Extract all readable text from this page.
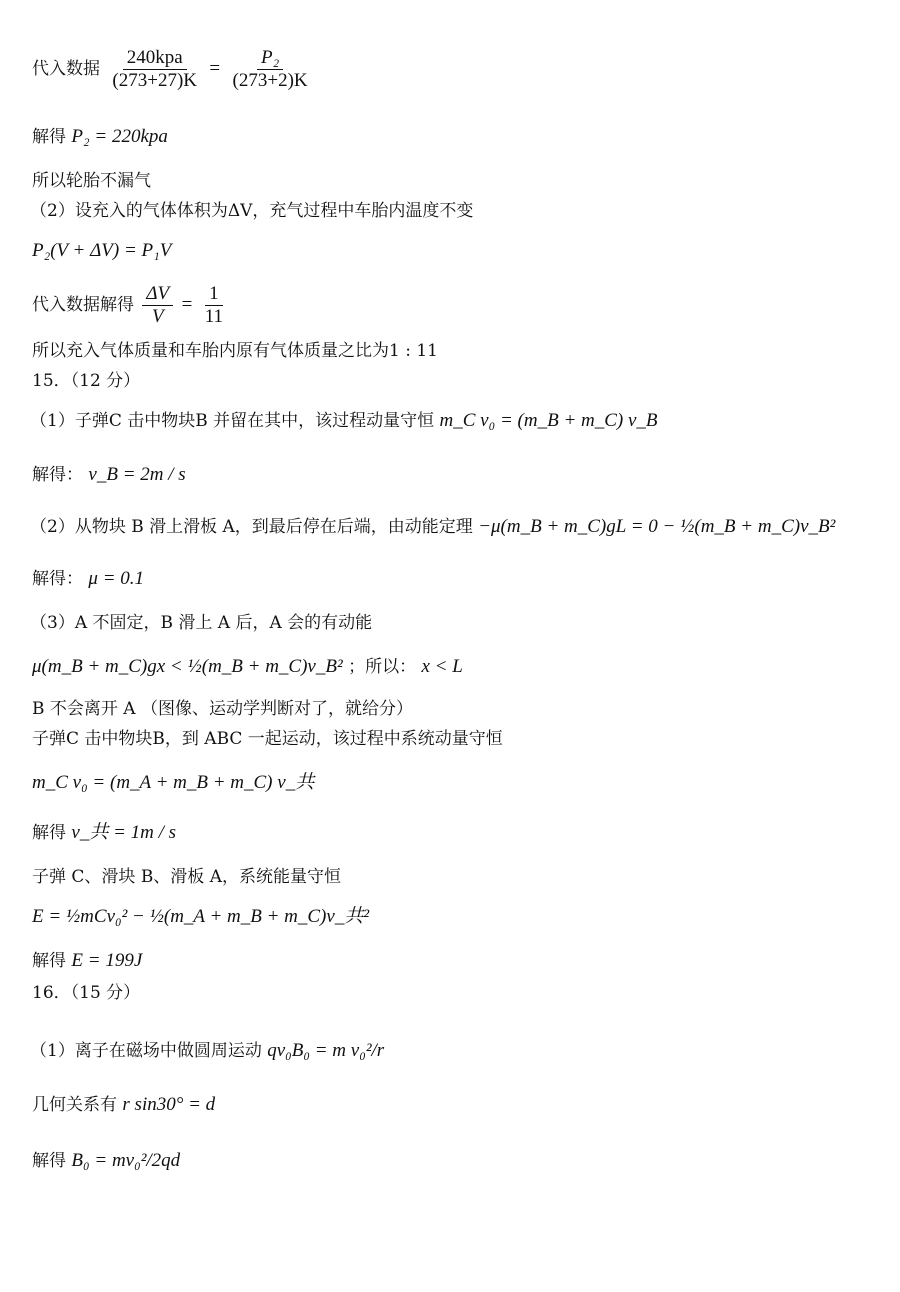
代入数据 $\frac{\text{240kpa}}{(273+27)K} = \frac{\text{P₂}}{(273+2)K}$
解得 P₂ = 220kpa
所以轮胎不漏气
（2）设充入的气体体积为ΔV，充气过程中车胎内温度不变
P₂(V + ΔV) = P₁V
代入数据解得 $\frac{\Delta V}{V} = \frac{1}{11}$
所以充入气体质量和车胎内原有气体质量之比为1 : 11
15．（12 分）
（1）子弹C 击中物块B 并留在其中，该过程动量守恒 m_C v₀ = (m_B + m_C) v_B
解得： v_B = 2m / s
（2）从物块 B 滑上滑板 A，到最后停在后端，由动能定理 −μ(m_B + m_C)gL = 0 − ½(m_B + m_C)v_B²
解得： μ = 0.1
（3）A 不固定，B 滑上 A 后，A 会的有动能
μ(m_B + m_C)gx < ½(m_B + m_C)v_B² ；所以： x < L
B 不会离开 A （图像、运动学判断对了，就给分）
子弹C 击中物块B，到 ABC 一起运动，该过程中系统动量守恒
m_C v₀ = (m_A + m_B + m_C) v_共
解得 v_共 = 1m / s
子弹 C、滑块 B、滑板 A，系统能量守恒
E = ½mCv₀² − ½(m_A + m_B + m_C)v_共²
解得 E = 199J
16．（15 分）
（1）离子在磁场中做圆周运动 qv₀B₀ = m v₀²/r
几何关系有 r sin30° = d
解得 B₀ = mv₀²/2qd
